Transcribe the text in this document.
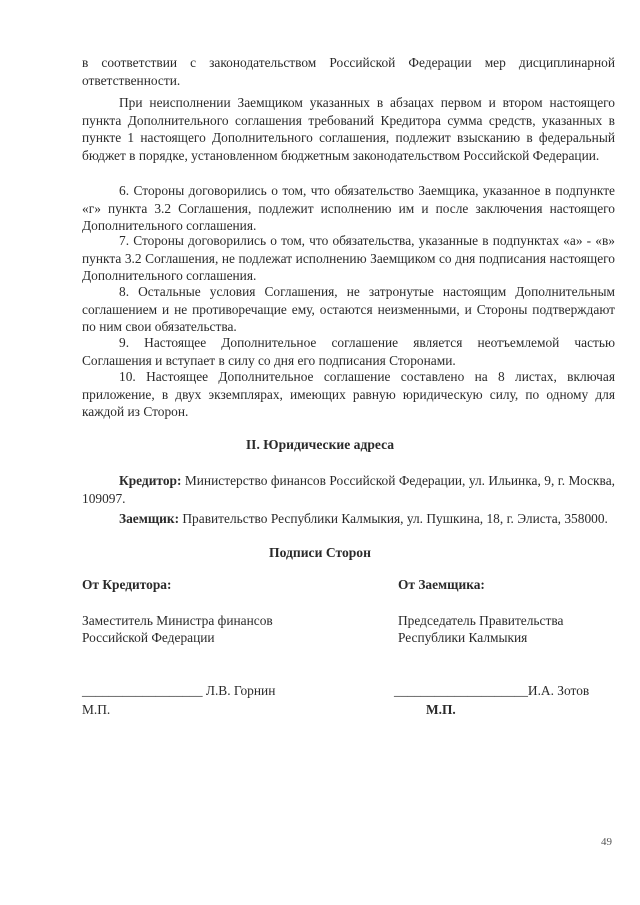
в соответствии с законодательством Российской Федерации мер дисциплинарной ответственности.

При неисполнении Заемщиком указанных в абзацах первом и втором настоящего пункта Дополнительного соглашения требований Кредитора сумма средств, указанных в пункте 1 настоящего Дополнительного соглашения, подлежит взысканию в федеральный бюджет в порядке, установленном бюджетным законодательством Российской Федерации.

6. Стороны договорились о том, что обязательство Заемщика, указанное в подпункте «г» пункта 3.2 Соглашения, подлежит исполнению им и после заключения настоящего Дополнительного соглашения.

7. Стороны договорились о том, что обязательства, указанные в подпунктах «а» - «в» пункта 3.2 Соглашения, не подлежат исполнению Заемщиком со дня подписания настоящего Дополнительного соглашения.

8. Остальные условия Соглашения, не затронутые настоящим Дополнительным соглашением и не противоречащие ему, остаются неизменными, и Стороны подтверждают по ним свои обязательства.

9. Настоящее Дополнительное соглашение является неотъемлемой частью Соглашения и вступает в силу со дня его подписания Сторонами.

10. Настоящее Дополнительное соглашение составлено на 8 листах, включая приложение, в двух экземплярах, имеющих равную юридическую силу, по одному для каждой из Сторон.

II. Юридические адреса

Кредитор: Министерство финансов Российской Федерации, ул. Ильинка, 9, г. Москва, 109097.

Заемщик: Правительство Республики Калмыкия, ул. Пушкина, 18, г. Элиста, 358000.

Подписи Сторон

От Кредитора:
Заместитель Министра финансов
Российской Федерации
__________________ Л.В. Горнин
М.П.
От Заемщика:
Председатель Правительства
Республики Калмыкия
____________________И.А. Зотов
М.П.
49
